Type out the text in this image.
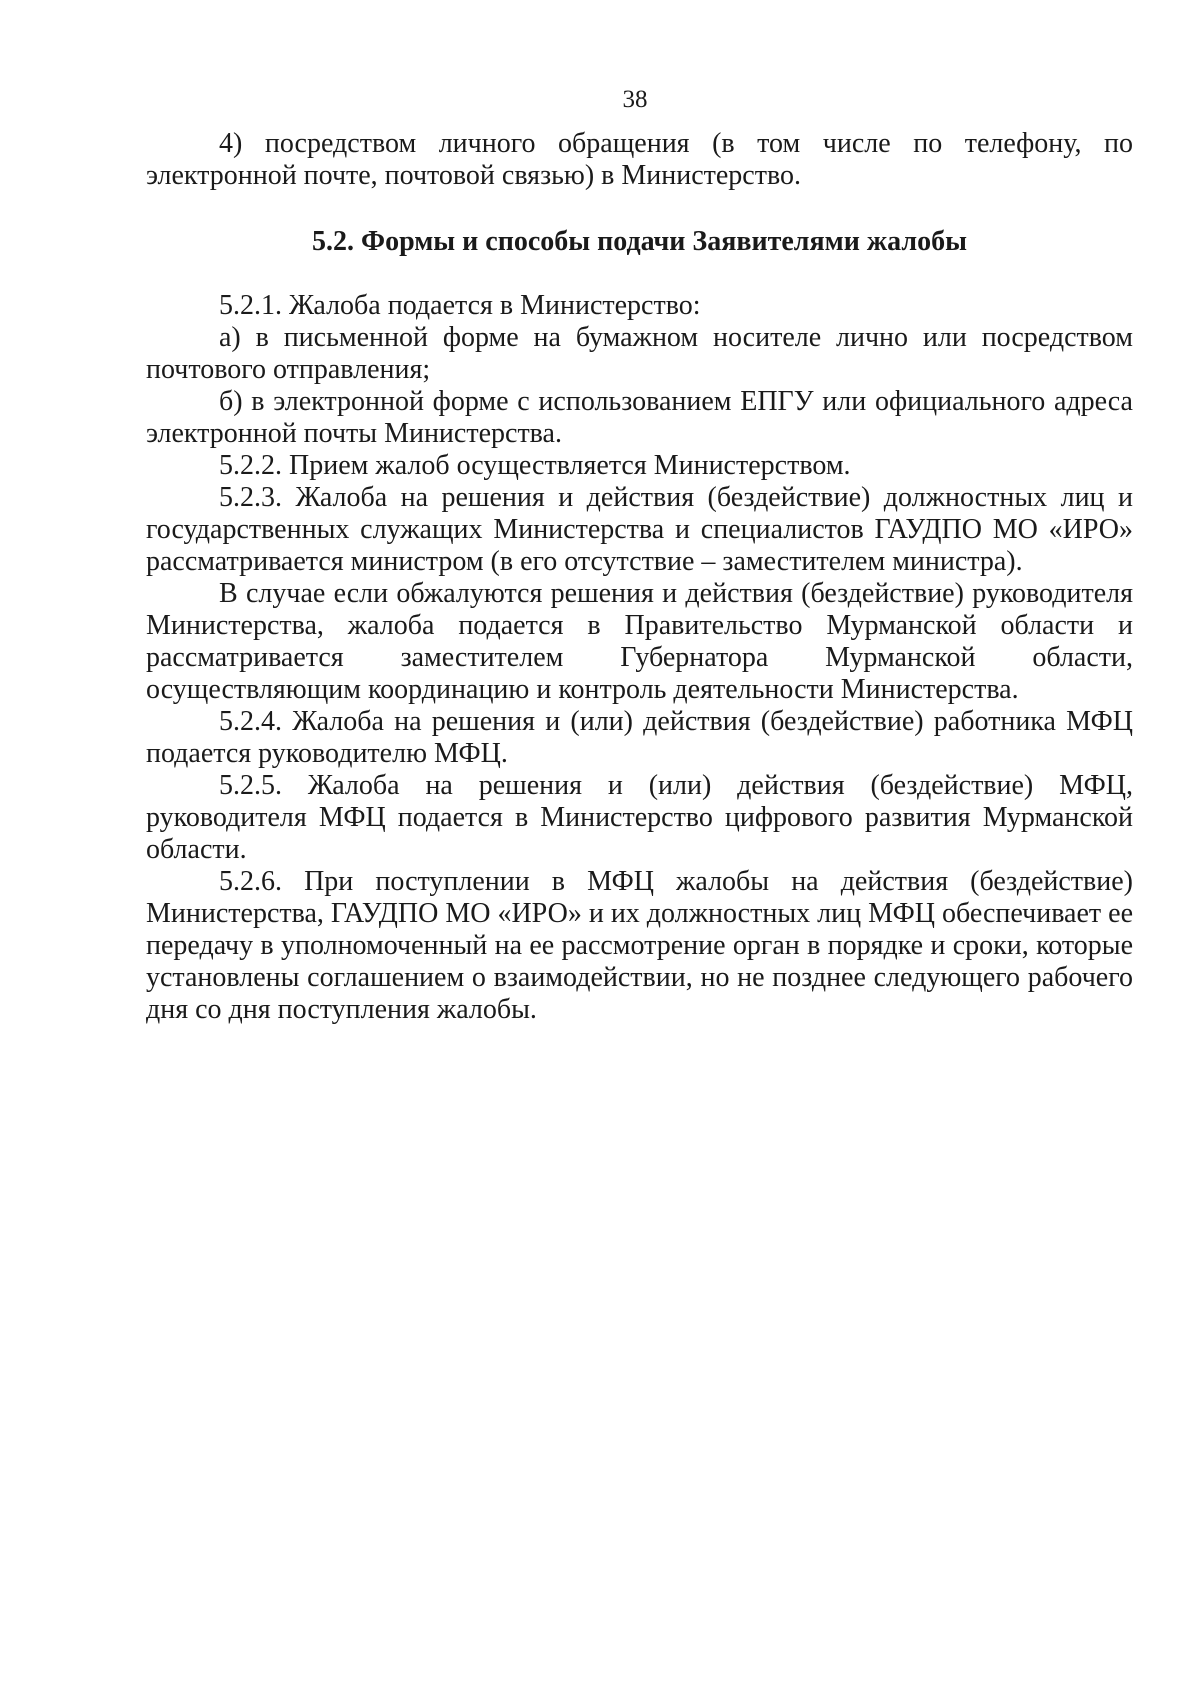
38

4) посредством личного обращения (в том числе по телефону, по электронной почте, почтовой связью) в Министерство.

5.2. Формы и способы подачи Заявителями жалобы

5.2.1. Жалоба подается в Министерство:

а) в письменной форме на бумажном носителе лично или посредством почтового отправления;

б) в электронной форме с использованием ЕПГУ или официального адреса электронной почты Министерства.

5.2.2. Прием жалоб осуществляется Министерством.

5.2.3. Жалоба на решения и действия (бездействие) должностных лиц и государственных служащих Министерства и специалистов ГАУДПО МО «ИРО» рассматривается министром (в его отсутствие – заместителем министра).

В случае если обжалуются решения и действия (бездействие) руководителя Министерства, жалоба подается в Правительство Мурманской области и рассматривается заместителем Губернатора Мурманской области, осуществляющим координацию и контроль деятельности Министерства.

5.2.4. Жалоба на решения и (или) действия (бездействие) работника МФЦ подается руководителю МФЦ.

5.2.5. Жалоба на решения и (или) действия (бездействие) МФЦ, руководителя МФЦ подается в Министерство цифрового развития Мурманской области.

5.2.6. При поступлении в МФЦ жалобы на действия (бездействие) Министерства, ГАУДПО МО «ИРО» и их должностных лиц МФЦ обеспечивает ее передачу в уполномоченный на ее рассмотрение орган в порядке и сроки, которые установлены соглашением о взаимодействии, но не позднее следующего рабочего дня со дня поступления жалобы.
